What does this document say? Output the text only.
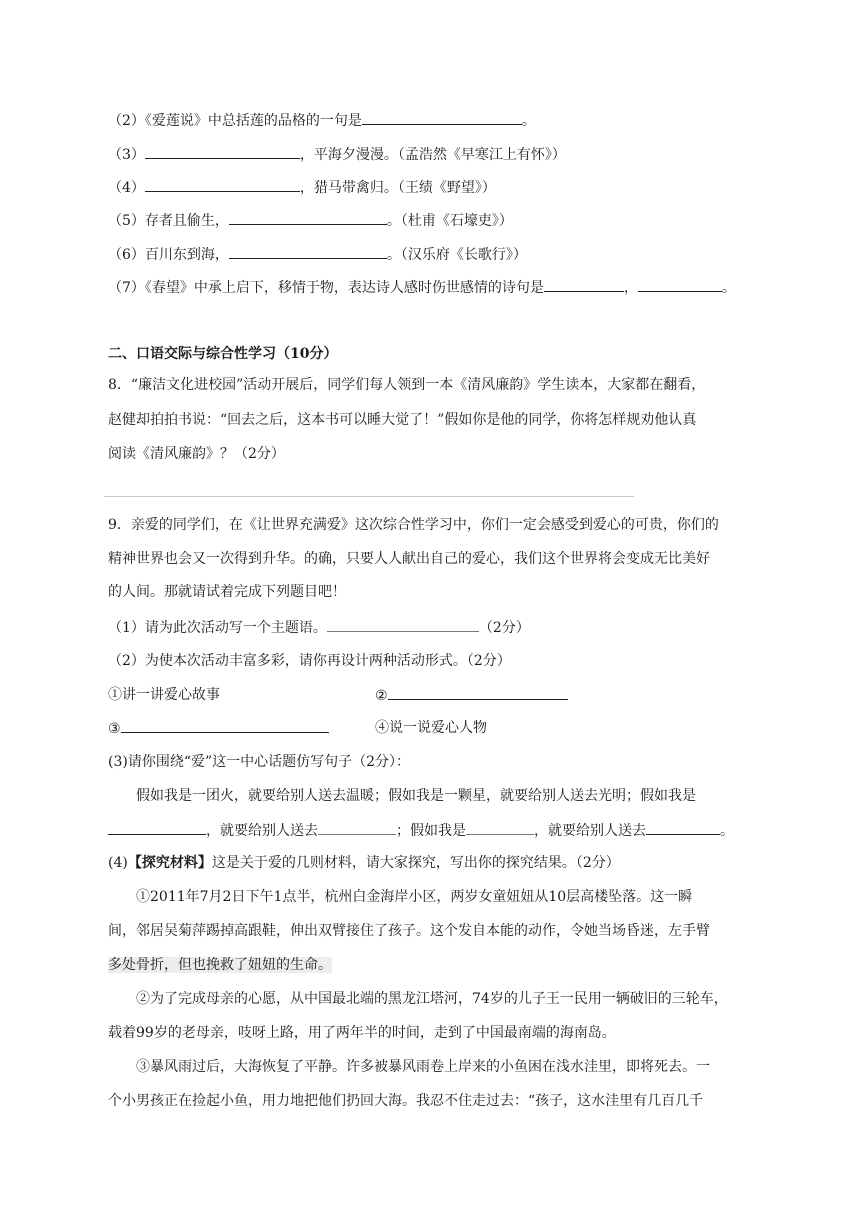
（2）《爱莲说》中总括莲的品格的一句是	。
（3）	，平海夕漫漫。（孟浩然《早寒江上有怀》）
（4）	，猎马带禽归。（王绩《野望》）
（5）存者且偷生，	。（杜甫《石壕吏》）
（6）百川东到海，	。（汉乐府《长歌行》）
（7）《春望》中承上启下，移情于物，表达诗人感时伤世感情的诗句是	，	。
二、口语交际与综合性学习（10分）
8．“廉洁文化进校园”活动开展后，同学们每人领到一本《清风廉韵》学生读本，大家都在翻看，
赵健却拍拍书说：“回去之后，这本书可以睡大觉了！”假如你是他的同学，你将怎样规劝他认真
阅读《清风廉韵》？（2分）
9．亲爱的同学们，在《让世界充满爱》这次综合性学习中，你们一定会感受到爱心的可贵，你们的
精神世界也会又一次得到升华。的确，只要人人献出自己的爱心，我们这个世界将会变成无比美好
的人间。那就请试着完成下列题目吧！
（1）请为此次活动写一个主题语。	（2分）
（2）为使本次活动丰富多彩，请你再设计两种活动形式。（2分）
①讲一讲爱心故事	②
③	④说一说爱心人物
(3)请你围绕“爱”这一中心话题仿写句子（2分）：
假如我是一团火，就要给别人送去温暖；假如我是一颗星，就要给别人送去光明；假如我是
，就要给别人送去	；假如我是	，就要给别人送去	。
(4)【探究材料】这是关于爱的几则材料，请大家探究，写出你的探究结果。（2分）
①2011年7月2日下午1点半，杭州白金海岸小区，两岁女童妞妞从10层高楼坠落。这一瞬
间，邻居吴菊萍踢掉高跟鞋，伸出双臂接住了孩子。这个发自本能的动作，令她当场昏迷，左手臂
多处骨折，但也挽救了妞妞的生命。
②为了完成母亲的心愿，从中国最北端的黑龙江塔河，74岁的儿子王一民用一辆破旧的三轮车，
载着99岁的老母亲，吱呀上路，用了两年半的时间，走到了中国最南端的海南岛。
③暴风雨过后，大海恢复了平静。许多被暴风雨卷上岸来的小鱼困在浅水洼里，即将死去。一
个小男孩正在捡起小鱼，用力地把他们扔回大海。我忍不住走过去：“孩子，这水洼里有几百几千
